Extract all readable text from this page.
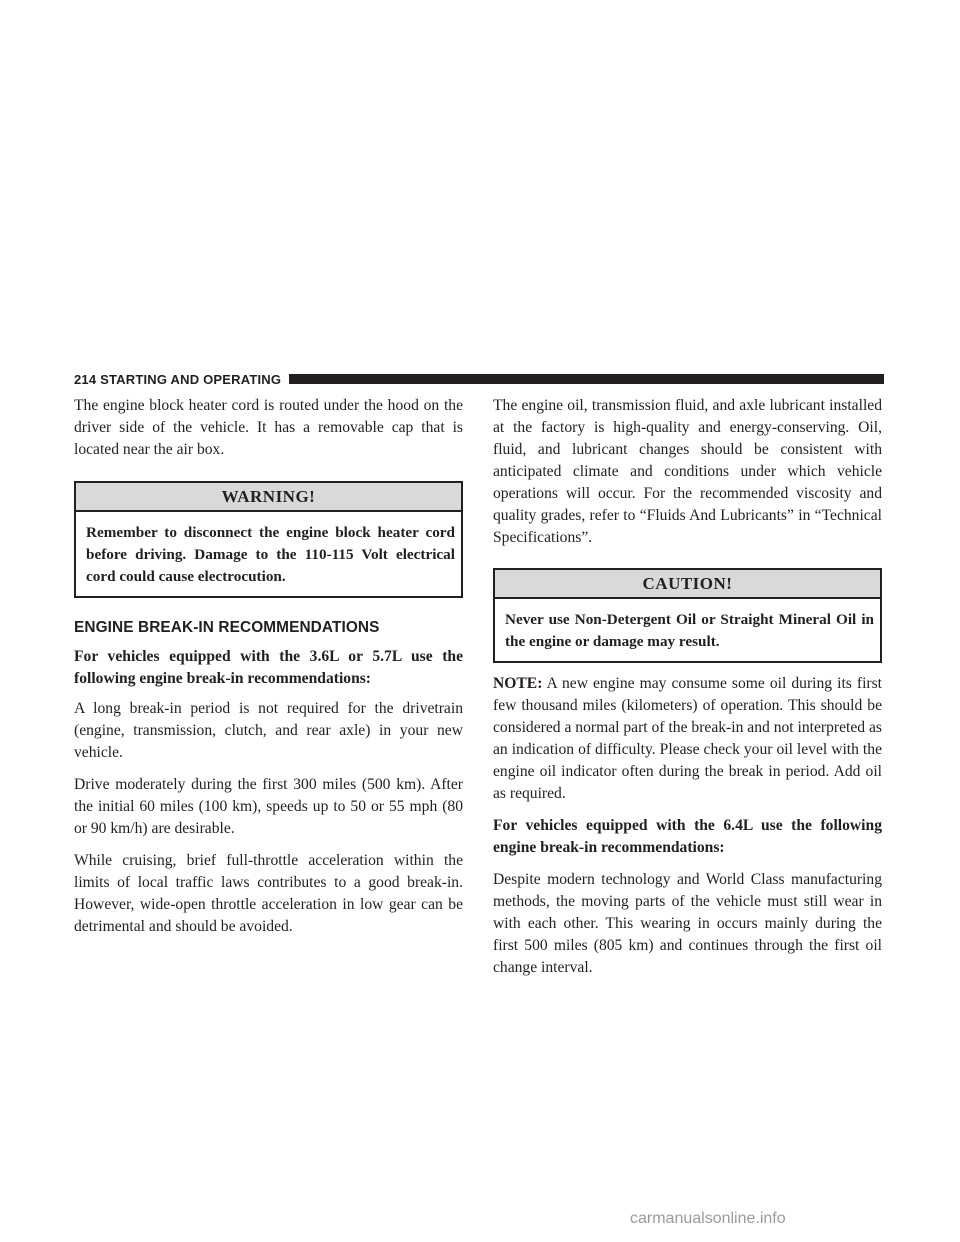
214 STARTING AND OPERATING

The engine block heater cord is routed under the hood on the driver side of the vehicle. It has a removable cap that is located near the air box.

WARNING!
Remember to disconnect the engine block heater cord before driving. Damage to the 110-115 Volt electrical cord could cause electrocution.
ENGINE BREAK-IN RECOMMENDATIONS

For vehicles equipped with the 3.6L or 5.7L use the following engine break-in recommendations:

A long break-in period is not required for the drivetrain (engine, transmission, clutch, and rear axle) in your new vehicle.

Drive moderately during the first 300 miles (500 km). After the initial 60 miles (100 km), speeds up to 50 or 55 mph (80 or 90 km/h) are desirable.

While cruising, brief full-throttle acceleration within the limits of local traffic laws contributes to a good break-in. However, wide-open throttle acceleration in low gear can be detrimental and should be avoided.

The engine oil, transmission fluid, and axle lubricant installed at the factory is high-quality and energy-conserving. Oil, fluid, and lubricant changes should be consistent with anticipated climate and conditions under which vehicle operations will occur. For the recommended viscosity and quality grades, refer to “Fluids And Lubricants” in “Technical Specifications”.

CAUTION!
Never use Non-Detergent Oil or Straight Mineral Oil in the engine or damage may result.

NOTE: A new engine may consume some oil during its first few thousand miles (kilometers) of operation. This should be considered a normal part of the break-in and not interpreted as an indication of difficulty. Please check your oil level with the engine oil indicator often during the break in period. Add oil as required.

For vehicles equipped with the 6.4L use the following engine break-in recommendations:

Despite modern technology and World Class manufacturing methods, the moving parts of the vehicle must still wear in with each other. This wearing in occurs mainly during the first 500 miles (805 km) and continues through the first oil change interval.

carmanualsonline.info
